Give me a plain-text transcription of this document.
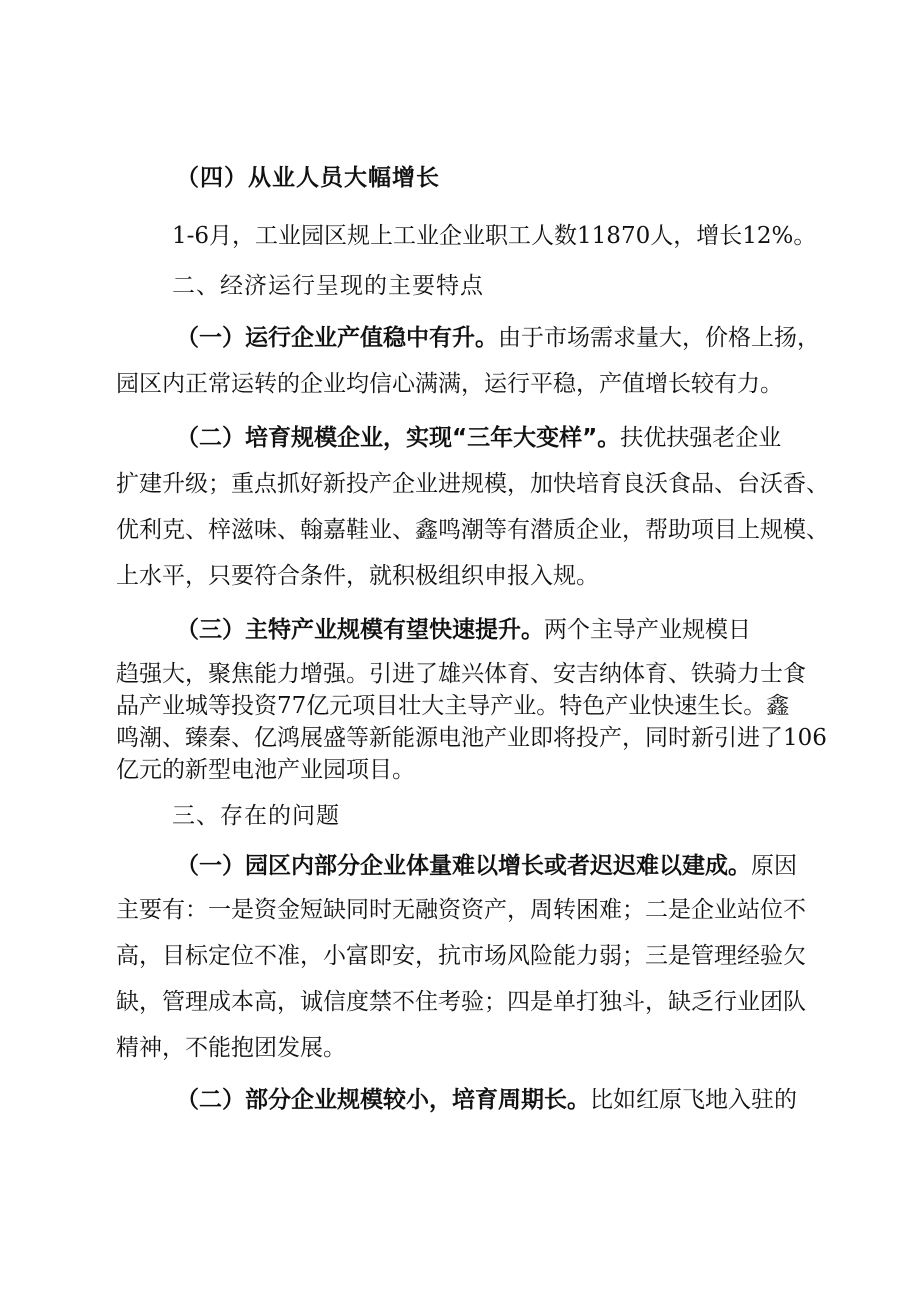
（四）从业人员大幅增长
1-6月，工业园区规上工业企业职工人数11870人，增长12%。
二、经济运行呈现的主要特点
（一）运行企业产值稳中有升。由于市场需求量大，价格上扬，
园区内正常运转的企业均信心满满，运行平稳，产值增长较有力。
（二）培育规模企业，实现“三年大变样”。扶优扶强老企业
扩建升级；重点抓好新投产企业进规模，加快培育良沃食品、台沃香、
优利克、梓滋味、翰嘉鞋业、鑫鸣潮等有潜质企业，帮助项目上规模、
上水平，只要符合条件，就积极组织申报入规。
（三）主特产业规模有望快速提升。两个主导产业规模日
趋强大，聚焦能力增强。引进了雄兴体育、安吉纳体育、铁骑力士食
品产业城等投资77亿元项目壮大主导产业。特色产业快速生长。鑫
鸣潮、臻秦、亿鸿展盛等新能源电池产业即将投产，同时新引进了106
亿元的新型电池产业园项目。
三、存在的问题
（一）园区内部分企业体量难以增长或者迟迟难以建成。原因
主要有：一是资金短缺同时无融资资产，周转困难；二是企业站位不
高，目标定位不准，小富即安，抗市场风险能力弱；三是管理经验欠
缺，管理成本高，诚信度禁不住考验；四是单打独斗，缺乏行业团队
精神，不能抱团发展。
（二）部分企业规模较小，培育周期长。比如红原飞地入驻的
